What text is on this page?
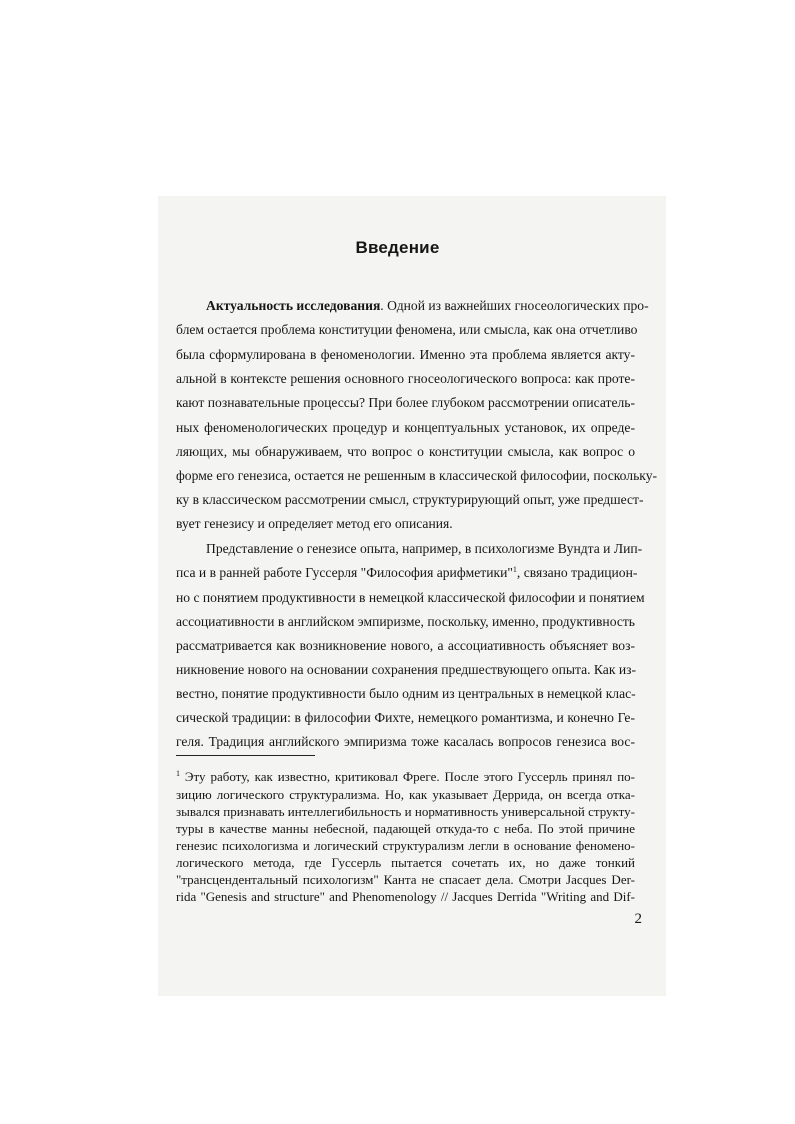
Введение
Актуальность исследования. Одной из важнейших гносеологических про-
блем остается проблема конституции феномена, или смысла, как она отчетливо
была сформулирована в феноменологии. Именно эта проблема является акту-
альной в контексте решения основного гносеологического вопроса: как проте-
кают познавательные процессы? При более глубоком рассмотрении описатель-
ных феноменологических процедур и концептуальных установок, их опреде-
ляющих, мы обнаруживаем, что вопрос о конституции смысла, как вопрос о
форме его генезиса, остается не решенным в классической философии, поскольку-
ку в классическом рассмотрении смысл, структурирующий опыт, уже предшест-
вует генезису и определяет метод его описания.
Представление о генезисе опыта, например, в психологизме Вундта и Лип-
пса и в ранней работе Гуссерля "Философия арифметики"$^1$, связано традицион-
но с понятием продуктивности в немецкой классической философии и понятием
ассоциативности в английском эмпиризме, поскольку, именно, продуктивность
рассматривается как возникновение нового, а ассоциативность объясняет воз-
никновение нового на основании сохранения предшествующего опыта. Как из-
вестно, понятие продуктивности было одним из центральных в немецкой клас-
сической традиции: в философии Фихте, немецкого романтизма, и конечно Ге-
геля. Традиция английского эмпиризма тоже касалась вопросов генезиса вос-
$^1$ Эту работу, как известно, критиковал Фреге. После этого Гуссерль принял по-
зицию логического структурализма. Но, как указывает Деррида, он всегда отка-
зывался признавать интеллегибильность и нормативность универсальной структу-
туры в качестве манны небесной, падающей откуда-то с неба. По этой причине
генезис психологизма и логический структурализм легли в основание феномено-
логического метода, где Гуссерль пытается сочетать их, но даже тонкий
"трансцендентальный психологизм" Канта не спасает дела. Смотри Jacques Der-
rida "Genesis and structure" and Phenomenology // Jacques Derrida "Writing and Dif-
2
